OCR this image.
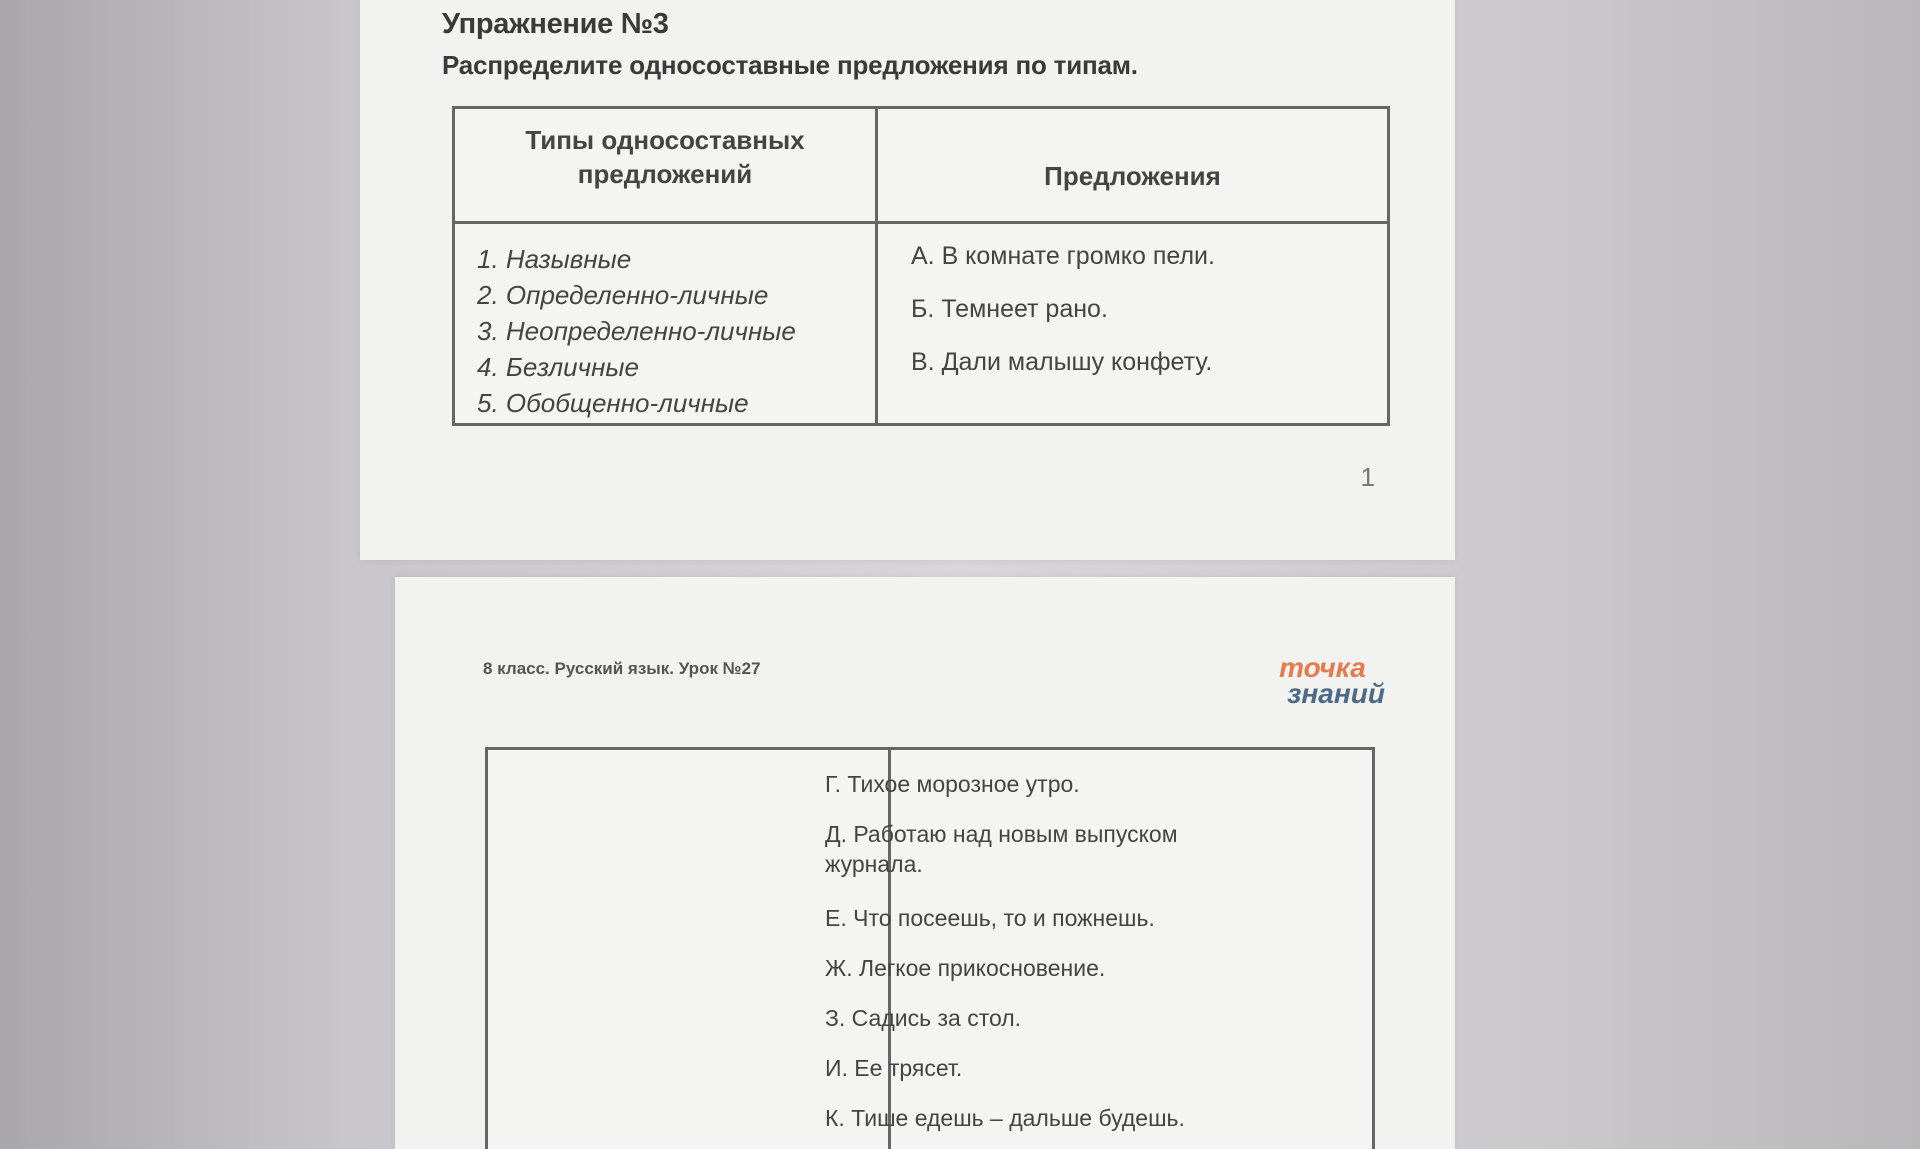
Упражнение №3
Распределите односоставные предложения по типам.
Типы односоставных
предложений	Предложения
1. Назывные
2. Определенно-личные
3. Неопределенно-личные
4. Безличные
5. Обобщенно-личные
А. В комнате громко пели.
Б. Темнеет рано.
В. Дали малышу конфету.
1
8 класс. Русский язык. Урок №27	точка
знаний
Г. Тихое морозное утро.
Д. Работаю над новым выпуском журнала.
Е. Что посеешь, то и пожнешь.
Ж. Легкое прикосновение.
З. Садись за стол.
И. Ее трясет.
К. Тише едешь – дальше будешь.
